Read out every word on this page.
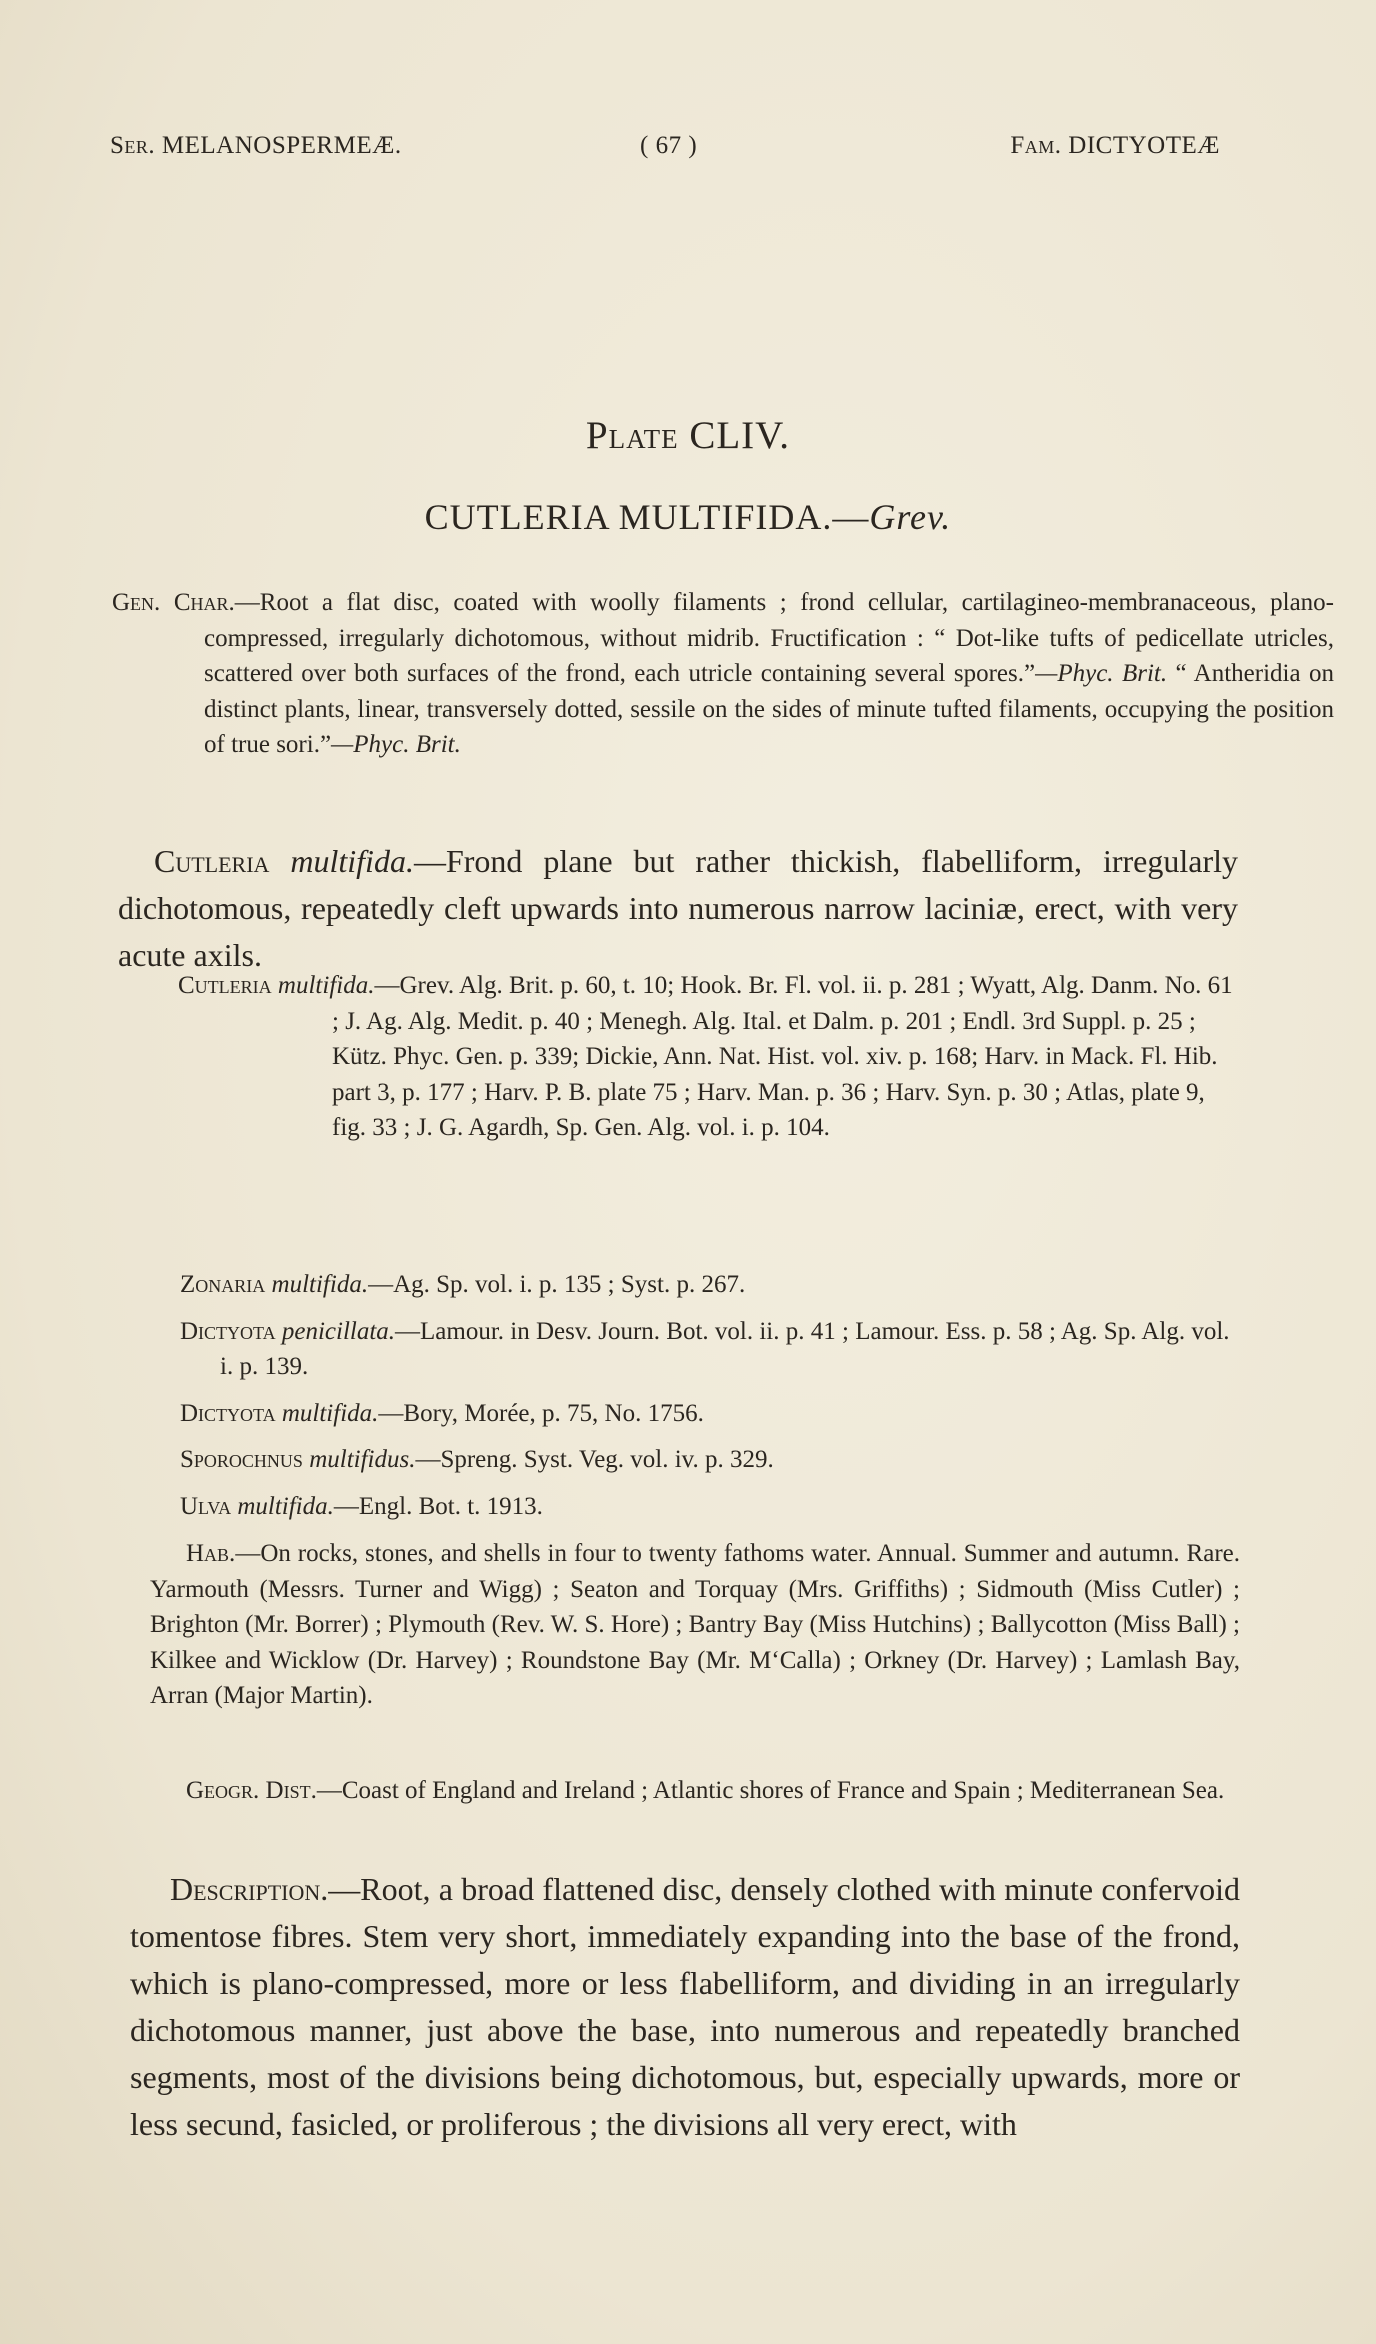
Ser. MELANOSPERMEÆ.	( 67 )	Fam. DICTYOTEÆ
Plate CLIV.
CUTLERIA MULTIFIDA.—Grev.
Gen. Char.—Root a flat disc, coated with woolly filaments ; frond cellular, cartilagineo-membranaceous, plano-compressed, irregularly dichotomous, without midrib. Fructification : “ Dot-like tufts of pedicellate utricles, scattered over both surfaces of the frond, each utricle containing several spores.”—Phyc. Brit. “ Antheridia on distinct plants, linear, transversely dotted, sessile on the sides of minute tufted filaments, occupying the position of true sori.”—Phyc. Brit.
Cutleria multifida.—Frond plane but rather thickish, flabelliform, irregularly dichotomous, repeatedly cleft upwards into numerous narrow laciniæ, erect, with very acute axils.

Cutleria multifida.—Grev. Alg. Brit. p. 60, t. 10; Hook. Br. Fl. vol. ii. p. 281 ; Wyatt, Alg. Danm. No. 61 ; J. Ag. Alg. Medit. p. 40 ; Menegh. Alg. Ital. et Dalm. p. 201 ; Endl. 3rd Suppl. p. 25 ; Kütz. Phyc. Gen. p. 339; Dickie, Ann. Nat. Hist. vol. xiv. p. 168; Harv. in Mack. Fl. Hib. part 3, p. 177 ; Harv. P. B. plate 75 ; Harv. Man. p. 36 ; Harv. Syn. p. 30 ; Atlas, plate 9, fig. 33 ; J. G. Agardh, Sp. Gen. Alg. vol. i. p. 104.

Zonaria multifida.—Ag. Sp. vol. i. p. 135 ; Syst. p. 267.

Dictyota penicillata.—Lamour. in Desv. Journ. Bot. vol. ii. p. 41 ; Lamour. Ess. p. 58 ; Ag. Sp. Alg. vol. i. p. 139.

Dictyota multifida.—Bory, Morée, p. 75, No. 1756.

Sporochnus multifidus.—Spreng. Syst. Veg. vol. iv. p. 329.

Ulva multifida.—Engl. Bot. t. 1913.

Hab.—On rocks, stones, and shells in four to twenty fathoms water. Annual. Summer and autumn. Rare. Yarmouth (Messrs. Turner and Wigg) ; Seaton and Torquay (Mrs. Griffiths) ; Sidmouth (Miss Cutler) ; Brighton (Mr. Borrer) ; Plymouth (Rev. W. S. Hore) ; Bantry Bay (Miss Hutchins) ; Ballycotton (Miss Ball) ; Kilkee and Wicklow (Dr. Harvey) ; Roundstone Bay (Mr. M‘Calla) ; Orkney (Dr. Harvey) ; Lamlash Bay, Arran (Major Martin).

Geogr. Dist.—Coast of England and Ireland ; Atlantic shores of France and Spain ; Mediterranean Sea.

Description.—Root, a broad flattened disc, densely clothed with minute confervoid tomentose fibres. Stem very short, immediately expanding into the base of the frond, which is plano-compressed, more or less flabelliform, and dividing in an irregularly dichotomous manner, just above the base, into numerous and repeatedly branched segments, most of the divisions being dichotomous, but, especially upwards, more or less secund, fasicled, or proliferous ; the divisions all very erect, with
